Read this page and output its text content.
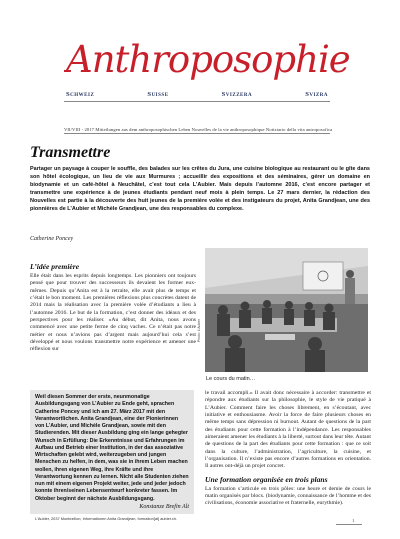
Anthroposophie
Schweiz	Suisse	Svizzera	Svizra
VII/VIII - 2017 Mitteilungen aus dem anthroposophischen Leben Nouvelles de la vie anthroposophique Notiziario della vita antroposofica
Transmettre

Partager un paysage à couper le souffle, des balades sur les crêtes du Jura, une cuisine biologique au restaurant ou le gîte dans son hôtel écologique, un lieu de vie aux Murmures ; accueillir des expositions et des séminaires, gérer un domaine en biodynamie et un café-hôtel à Neuchâtel, c’est tout cela L’Aubier. Mais depuis l’automne 2016, c’est encore partager et transmettre une expérience à de jeunes étudiants pendant neuf mois à plein temps. Le 27 mars dernier, la rédaction des Nouvelles est partie à la découverte des huit jeunes de la première volée et des instigateurs du projet, Anita Grandjean, une des pionnières de L’Aubier et Michèle Grandjean, une des responsables du complexe.

Catherine Poncey

L’idée première

Elle était dans les esprits depuis longtemps. Les pionniers ont toujours pensé que pour trouver des successeurs ils devaient les former eux-mêmes. Depuis qu’Anita est à la retraite, elle avait plus de temps et c’était le bon moment. Les premières réflexions plus concrètes datent de 2014 mais la réalisation avec la première volée d’étudiants a lieu à l’automne 2016. Le but de la formation, c’est donner des idéaux et des perspectives pour les réaliser. «Au début, dit Anita, nous avons commencé avec une petite ferme de cinq vaches. Ce n’était pas notre métier et nous n’avions pas d’argent mais aujourd’hui cela s’est développé et nous voulons transmettre notre expérience et amener une réflexion sur

Photo: L’Aubier

Le cours du matin…

le travail accompli.» Il avait donc nécessaire à accorder: transmettre et répondre aux étudiants sur la philosophie, le style de vie pratiqué à L’Aubier. Comment faire les choses librement, en s’écoutant, avec initiative et enthousiasme. Avoir la force de faire plusieurs choses en même temps sans dépression ni burnout. Autant de questions de la part des étudiants pour cette formation à l’indépendance. Les responsables aimeraient amener les étudiants à la liberté, surtout dans leur tête. Autant de questions de la part des étudiants pour cette formation : que ce soit dans la culture, l’administration, l’agriculture, la cuisine, et l’organisation. Il n’existe pas encore d’autres formations en orientation. Il autres ont-déjà un projet concret.

Une formation organisée en trois plans

La formation s’articule en trois pôles: une heure et demie de cours le matin organisés par blocs. (biodynamie, connaissance de l’homme et des civilisations, économie associative et fraternelle, eurythmie).

Weil diesen Sommer der erste, neunmonatige Ausbildungsgang von L’Aubier zu Ende geht, sprachen Catherine Poncey und ich am 27. März 2017 mit den Verantwortlichen. Anita Grandjean, eine der Pionierinnen von L’Aubier, und Michèle Grandjean, sowie mit den Studierenden. Mit dieser Ausbildung ging ein lange gehegter Wunsch in Erfüllung: Die Erkenntnisse und Erfahrungen im Aufbau und Betrieb einer Institution, in der das assoziative Wirtschaften gelebt wird, weiterzugeben und jungen Menschen zu helfen, in dem, was sie in ihrem Leben machen wollen, ihren eigenen Weg, ihre Kräfte und ihre Verantwortung kennen zu lernen. Nicht alle Studenten ziehen nun mit einem eigenen Projekt weiter, jede und jeder jedoch konnte ihren/seinen Lebensentwurf konkreter fassen. Im Oktober beginnt der nächste Ausbildungsgang.

Konstanze Brefin Alt

L’Aubier, 2037 Montezillon; Informationen Anita Grandjean, formation[at] aubier.ch.	1
